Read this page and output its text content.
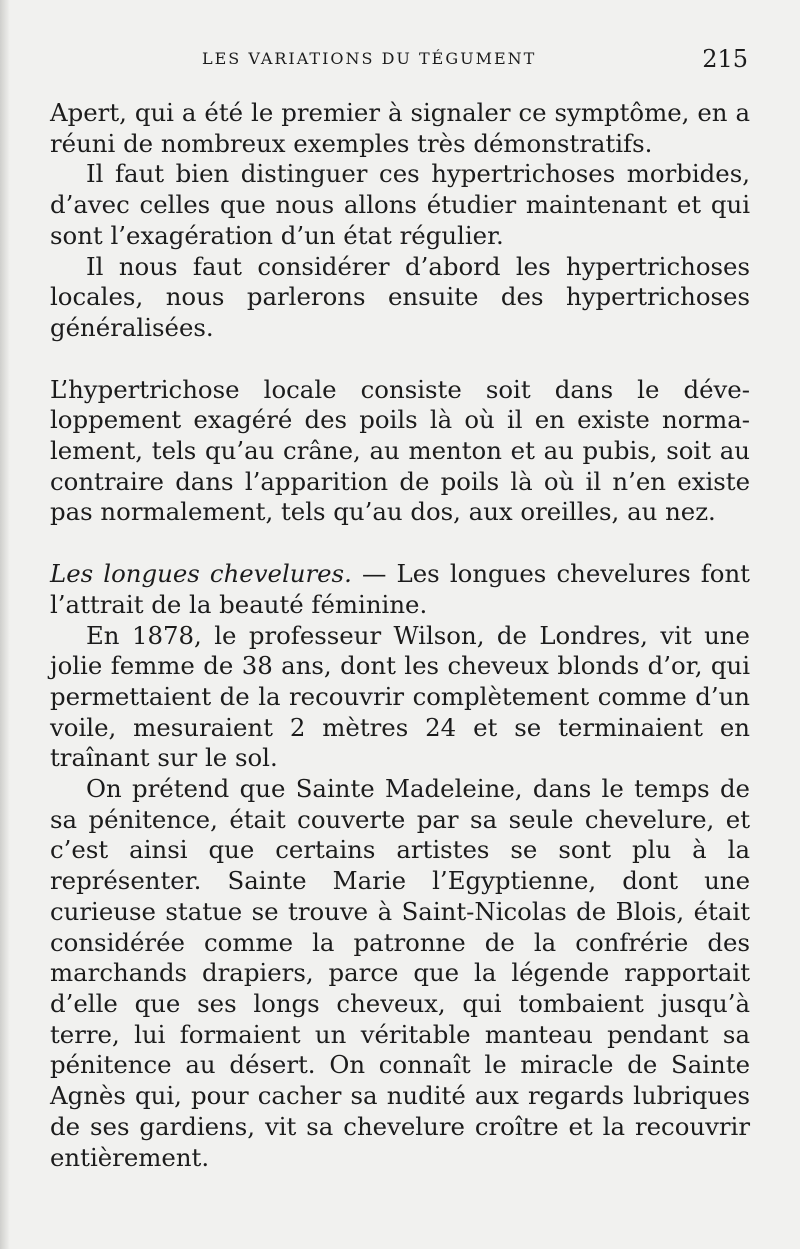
LES VARIATIONS DU TÉGUMENT	215

Apert, qui a été le premier à signaler ce symptôme, en a réuni de nombreux exemples très démonstratifs.

Il faut bien distinguer ces hypertrichoses morbides, d’avec celles que nous allons étudier maintenant et qui sont l’exagération d’un état régulier.

Il nous faut considérer d’abord les hypertrichoses locales, nous parlerons ensuite des hypertrichoses généralisées.

L’hypertrichose locale consiste soit dans le développement exagéré des poils là où il en existe normalement, tels qu’au crâne, au menton et au pubis, soit au contraire dans l’apparition de poils là où il n’en existe pas normalement, tels qu’au dos, aux oreilles, au nez.

Les longues chevelures. — Les longues chevelures font l’attrait de la beauté féminine.

En 1878, le professeur Wilson, de Londres, vit une jolie femme de 38 ans, dont les cheveux blonds d’or, qui permettaient de la recouvrir complètement comme d’un voile, mesuraient 2 mètres 24 et se terminaient en traînant sur le sol.

On prétend que Sainte Madeleine, dans le temps de sa pénitence, était couverte par sa seule chevelure, et c’est ainsi que certains artistes se sont plu à la représenter. Sainte Marie l’Egyptienne, dont une curieuse statue se trouve à Saint-Nicolas de Blois, était considérée comme la patronne de la confrérie des marchands drapiers, parce que la légende rapportait d’elle que ses longs cheveux, qui tombaient jusqu’à terre, lui formaient un véritable manteau pendant sa pénitence au désert. On connaît le miracle de Sainte Agnès qui, pour cacher sa nudité aux regards lubriques de ses gardiens, vit sa chevelure croître et la recouvrir entièrement.
